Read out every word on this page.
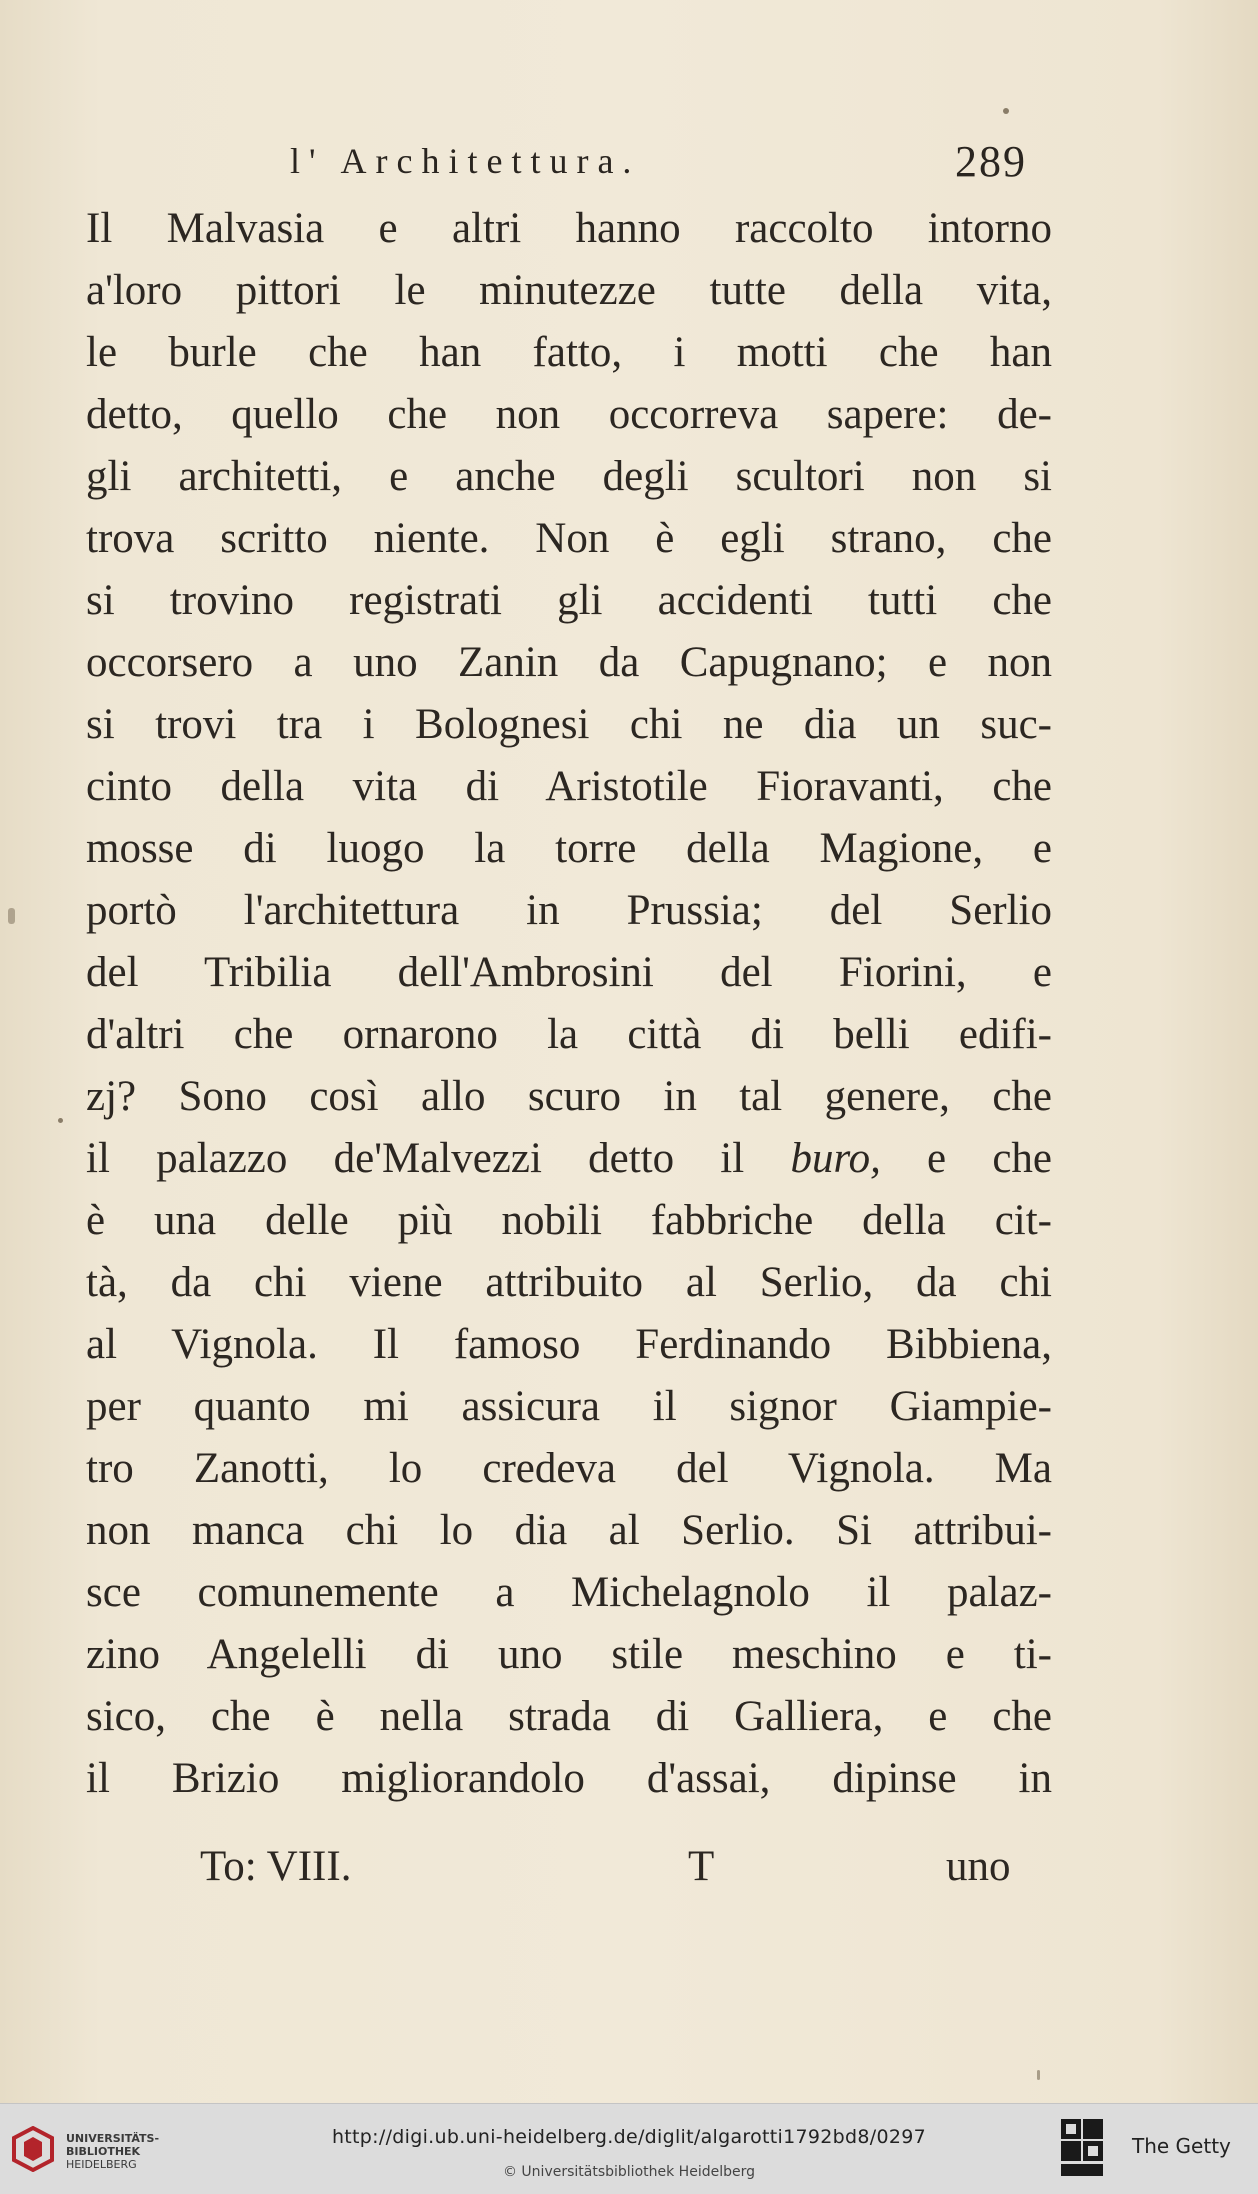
l' Architettura.	289
Il Malvasia e altri hanno raccolto intorno
a'loro pittori le minutezze tutte della vita,
le burle che han fatto, i motti che han
detto, quello che non occorreva sapere: de-
gli architetti, e anche degli scultori non si
trova scritto niente. Non è egli strano, che
si trovino registrati gli accidenti tutti che
occorsero a uno Zanin da Capugnano; e non
si trovi tra i Bolognesi chi ne dia un suc-
cinto della vita di Aristotile Fioravanti, che
mosse di luogo la torre della Magione, e
portò l'architettura in Prussia; del Serlio
del Tribilia dell'Ambrosini del Fiorini, e
d'altri che ornarono la città di belli edifi-
zj? Sono così allo scuro in tal genere, che
il palazzo de'Malvezzi detto il buro, e che
è una delle più nobili fabbriche della cit-
tà, da chi viene attribuito al Serlio, da chi
al Vignola. Il famoso Ferdinando Bibbiena,
per quanto mi assicura il signor Giampie-
tro Zanotti, lo credeva del Vignola. Ma
non manca chi lo dia al Serlio. Si attribui-
sce comunemente a Michelagnolo il palaz-
zino Angelelli di uno stile meschino e ti-
sico, che è nella strada di Galliera, e che
il Brizio migliorandolo d'assai, dipinse in
To: VIII.	T	uno
UNIVERSITÄTS-
BIBLIOTHEK
HEIDELBERG
http://digi.ub.uni-heidelberg.de/diglit/algarotti1792bd8/0297
© Universitätsbibliothek Heidelberg
The Getty
